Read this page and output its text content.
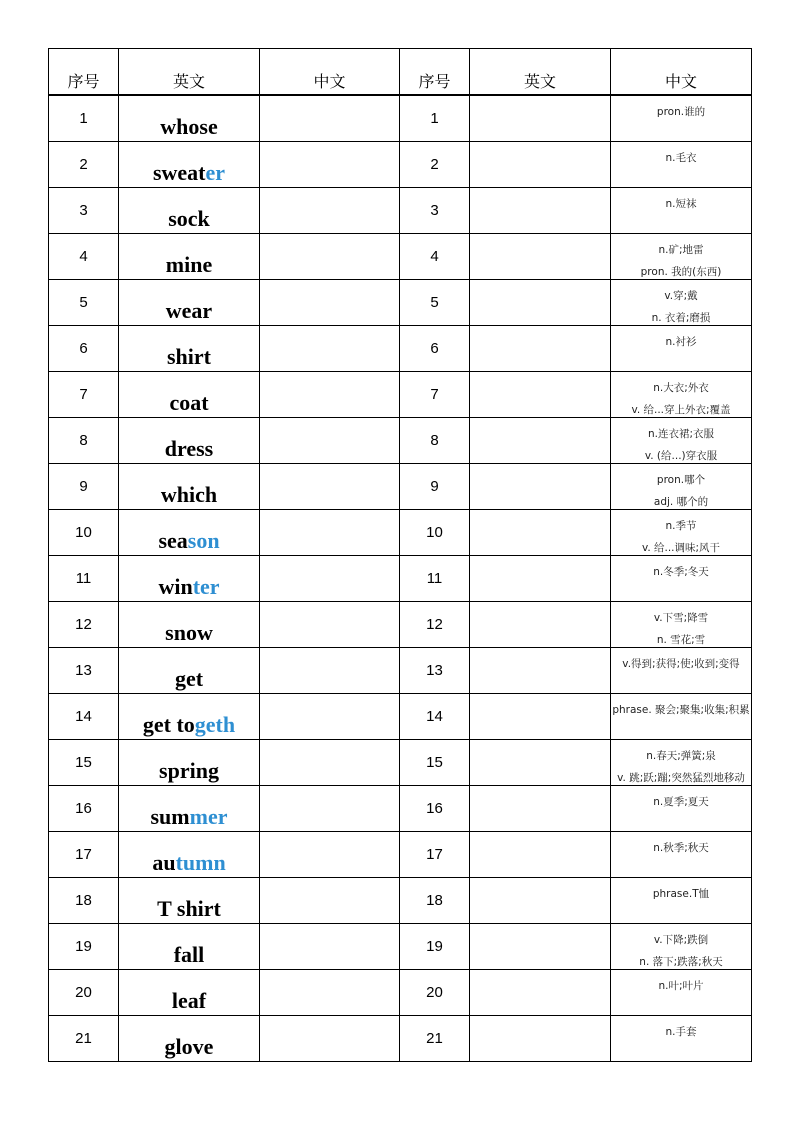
序号	英文	中文	序号	英文	中文

1	whose		1		pron.谁的

2	sweater		2		n.毛衣

3	sock		3		n.短袜

4	mine		4		n.矿;地雷
pron. 我的(东西)

5	wear		5		v.穿;戴
n. 衣着;磨损

6	shirt		6		n.衬衫

7	coat		7		n.大衣;外衣
v. 给...穿上外衣;覆盖

8	dress		8		n.连衣裙;衣服
v. (给...)穿衣服

9	which		9		pron.哪个
adj. 哪个的

10	season		10		n.季节
v. 给...调味;风干

11	winter		11		n.冬季;冬天

12	snow		12		v.下雪;降雪
n. 雪花;雪

13	get		13		v.得到;获得;使;收到;变得

14	get togeth		14		phrase. 聚会;聚集;收集;积累

15	spring		15		n.春天;弹簧;泉
v. 跳;跃;蹦;突然猛烈地移动

16	summer		16		n.夏季;夏天

17	autumn		17		n.秋季;秋天

18	T shirt		18		phrase.T恤

19	fall		19		v.下降;跌倒
n. 落下;跌落;秋天

20	leaf		20		n.叶;叶片

21	glove		21		n.手套
